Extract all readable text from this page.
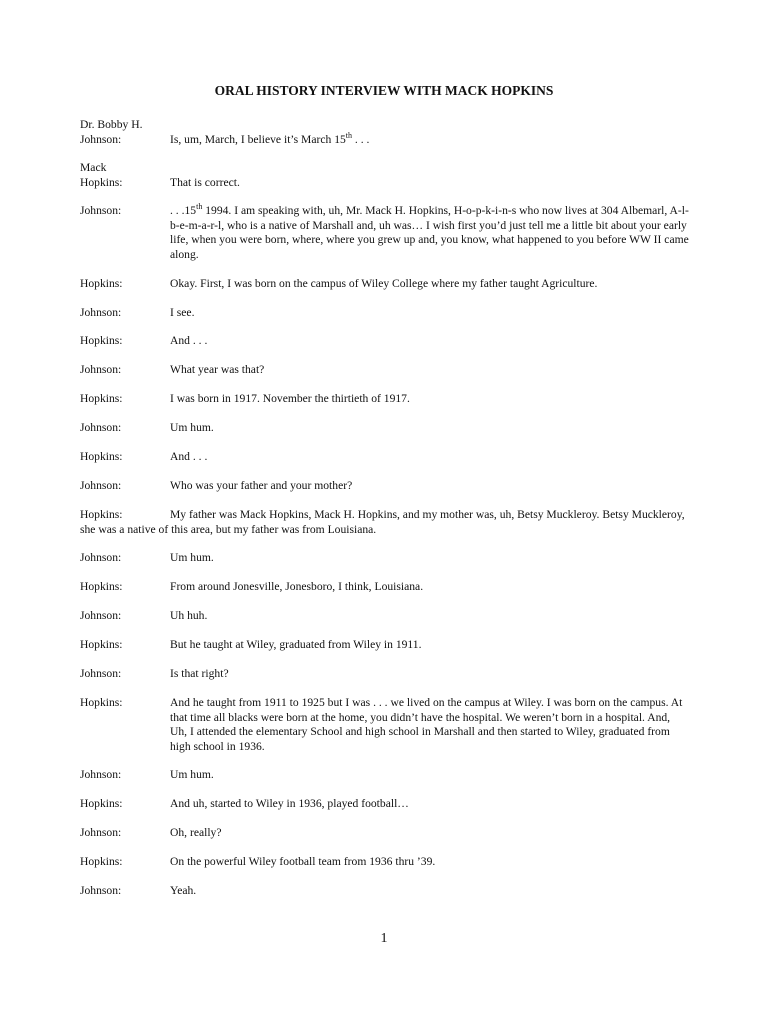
ORAL HISTORY INTERVIEW WITH MACK HOPKINS
Dr. Bobby H.
Johnson:	Is, um, March, I believe it’s March 15th . . .
Mack
Hopkins:	That is correct.
Johnson:	. . .15th 1994. I am speaking with, uh, Mr. Mack H. Hopkins, H-o-p-k-i-n-s who now lives at 304 Albemarl, A-l-b-e-m-a-r-l, who is a native of Marshall and, uh was… I wish first you’d just tell me a little bit about your early life, when you were born, where, where you grew up and, you know, what happened to you before WW II came along.
Hopkins:	Okay. First, I was born on the campus of Wiley College where my father taught Agriculture.
Johnson:	I see.
Hopkins:	And . . .
Johnson:	What year was that?
Hopkins:	I was born in 1917. November the thirtieth of 1917.
Johnson:	Um hum.
Hopkins:	And . . .
Johnson:	Who was your father and your mother?
Hopkins:	My father was Mack Hopkins, Mack H. Hopkins, and my mother was, uh, Betsy Muckleroy. Betsy Muckleroy, she was a native of this area, but my father was from Louisiana.
Johnson:	Um hum.
Hopkins:	From around Jonesville, Jonesboro, I think, Louisiana.
Johnson:	Uh huh.
Hopkins:	But he taught at Wiley, graduated from Wiley in 1911.
Johnson:	Is that right?
Hopkins:	And he taught from 1911 to 1925 but I was . . . we lived on the campus at Wiley. I was born on the campus. At that time all blacks were born at the home, you didn’t have the hospital. We weren’t born in a hospital. And, Uh, I attended the elementary School and high school in Marshall and then started to Wiley, graduated from high school in 1936.
Johnson:	Um hum.
Hopkins:	And uh, started to Wiley in 1936, played football…
Johnson:	Oh, really?
Hopkins:	On the powerful Wiley football team from 1936 thru ’39.
Johnson:	Yeah.
1
